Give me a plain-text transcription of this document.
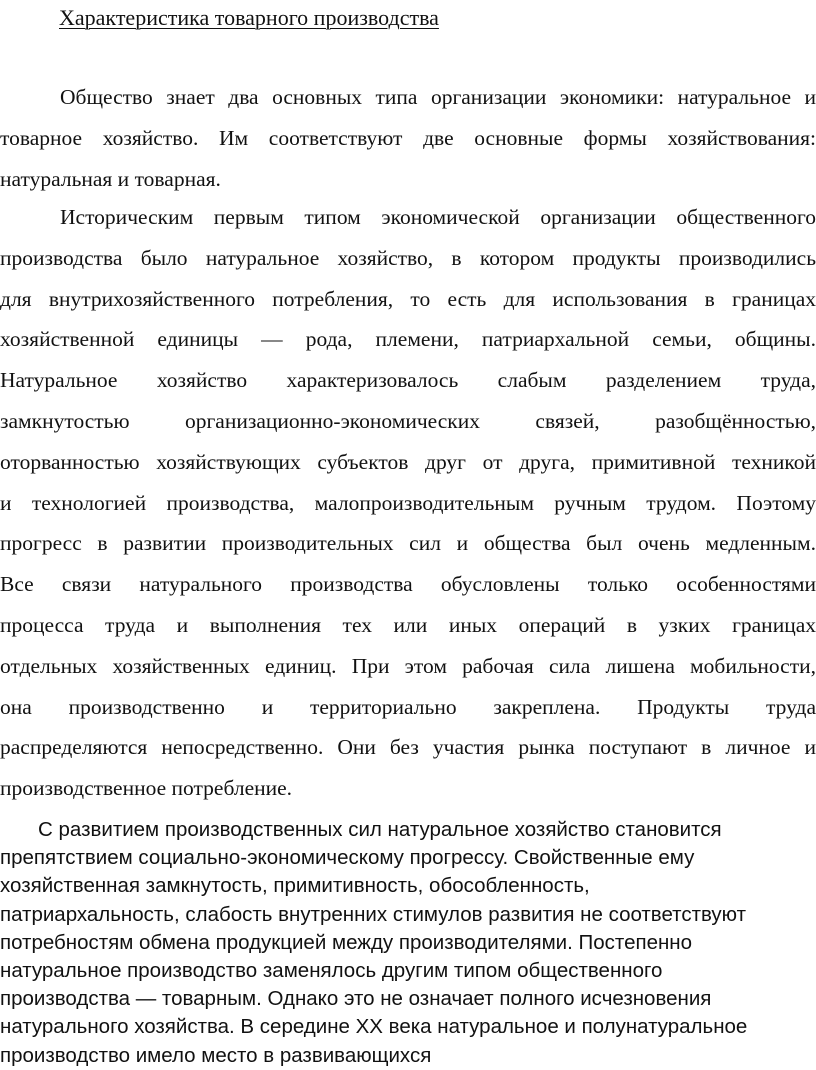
Характеристика товарного производства

Общество знает два основных типа организации экономики: натуральное и
товарное хозяйство. Им соответствуют две основные формы хозяйствования:
натуральная и товарная.

Историческим первым типом экономической организации общественного
производства было натуральное хозяйство, в котором продукты производились
для внутрихозяйственного потребления, то есть для использования в границах
хозяйственной единицы — рода, племени, патриархальной семьи, общины.
Натуральное хозяйство характеризовалось слабым разделением труда,
замкнутостью организационно-экономических связей, разобщённостью,
оторванностью хозяйствующих субъектов друг от друга, примитивной техникой
и технологией производства, малопроизводительным ручным трудом. Поэтому
прогресс в развитии производительных сил и общества был очень медленным.
Все связи натурального производства обусловлены только особенностями
процесса труда и выполнения тех или иных операций в узких границах
отдельных хозяйственных единиц. При этом рабочая сила лишена мобильности,
она производственно и территориально закреплена. Продукты труда
распределяются непосредственно. Они без участия рынка поступают в личное и
производственное потребление.

С развитием производственных сил натуральное хозяйство становится
препятствием социально-экономическому прогрессу. Свойственные ему
хозяйственная замкнутость, примитивность, обособленность,
патриархальность, слабость внутренних стимулов развития не соответствуют
потребностям обмена продукцией между производителями. Постепенно
натуральное производство заменялось другим типом общественного
производства — товарным. Однако это не означает полного исчезновения
натурального хозяйства. В середине XX века натуральное и полунатуральное
производство имело место в развивающихся
